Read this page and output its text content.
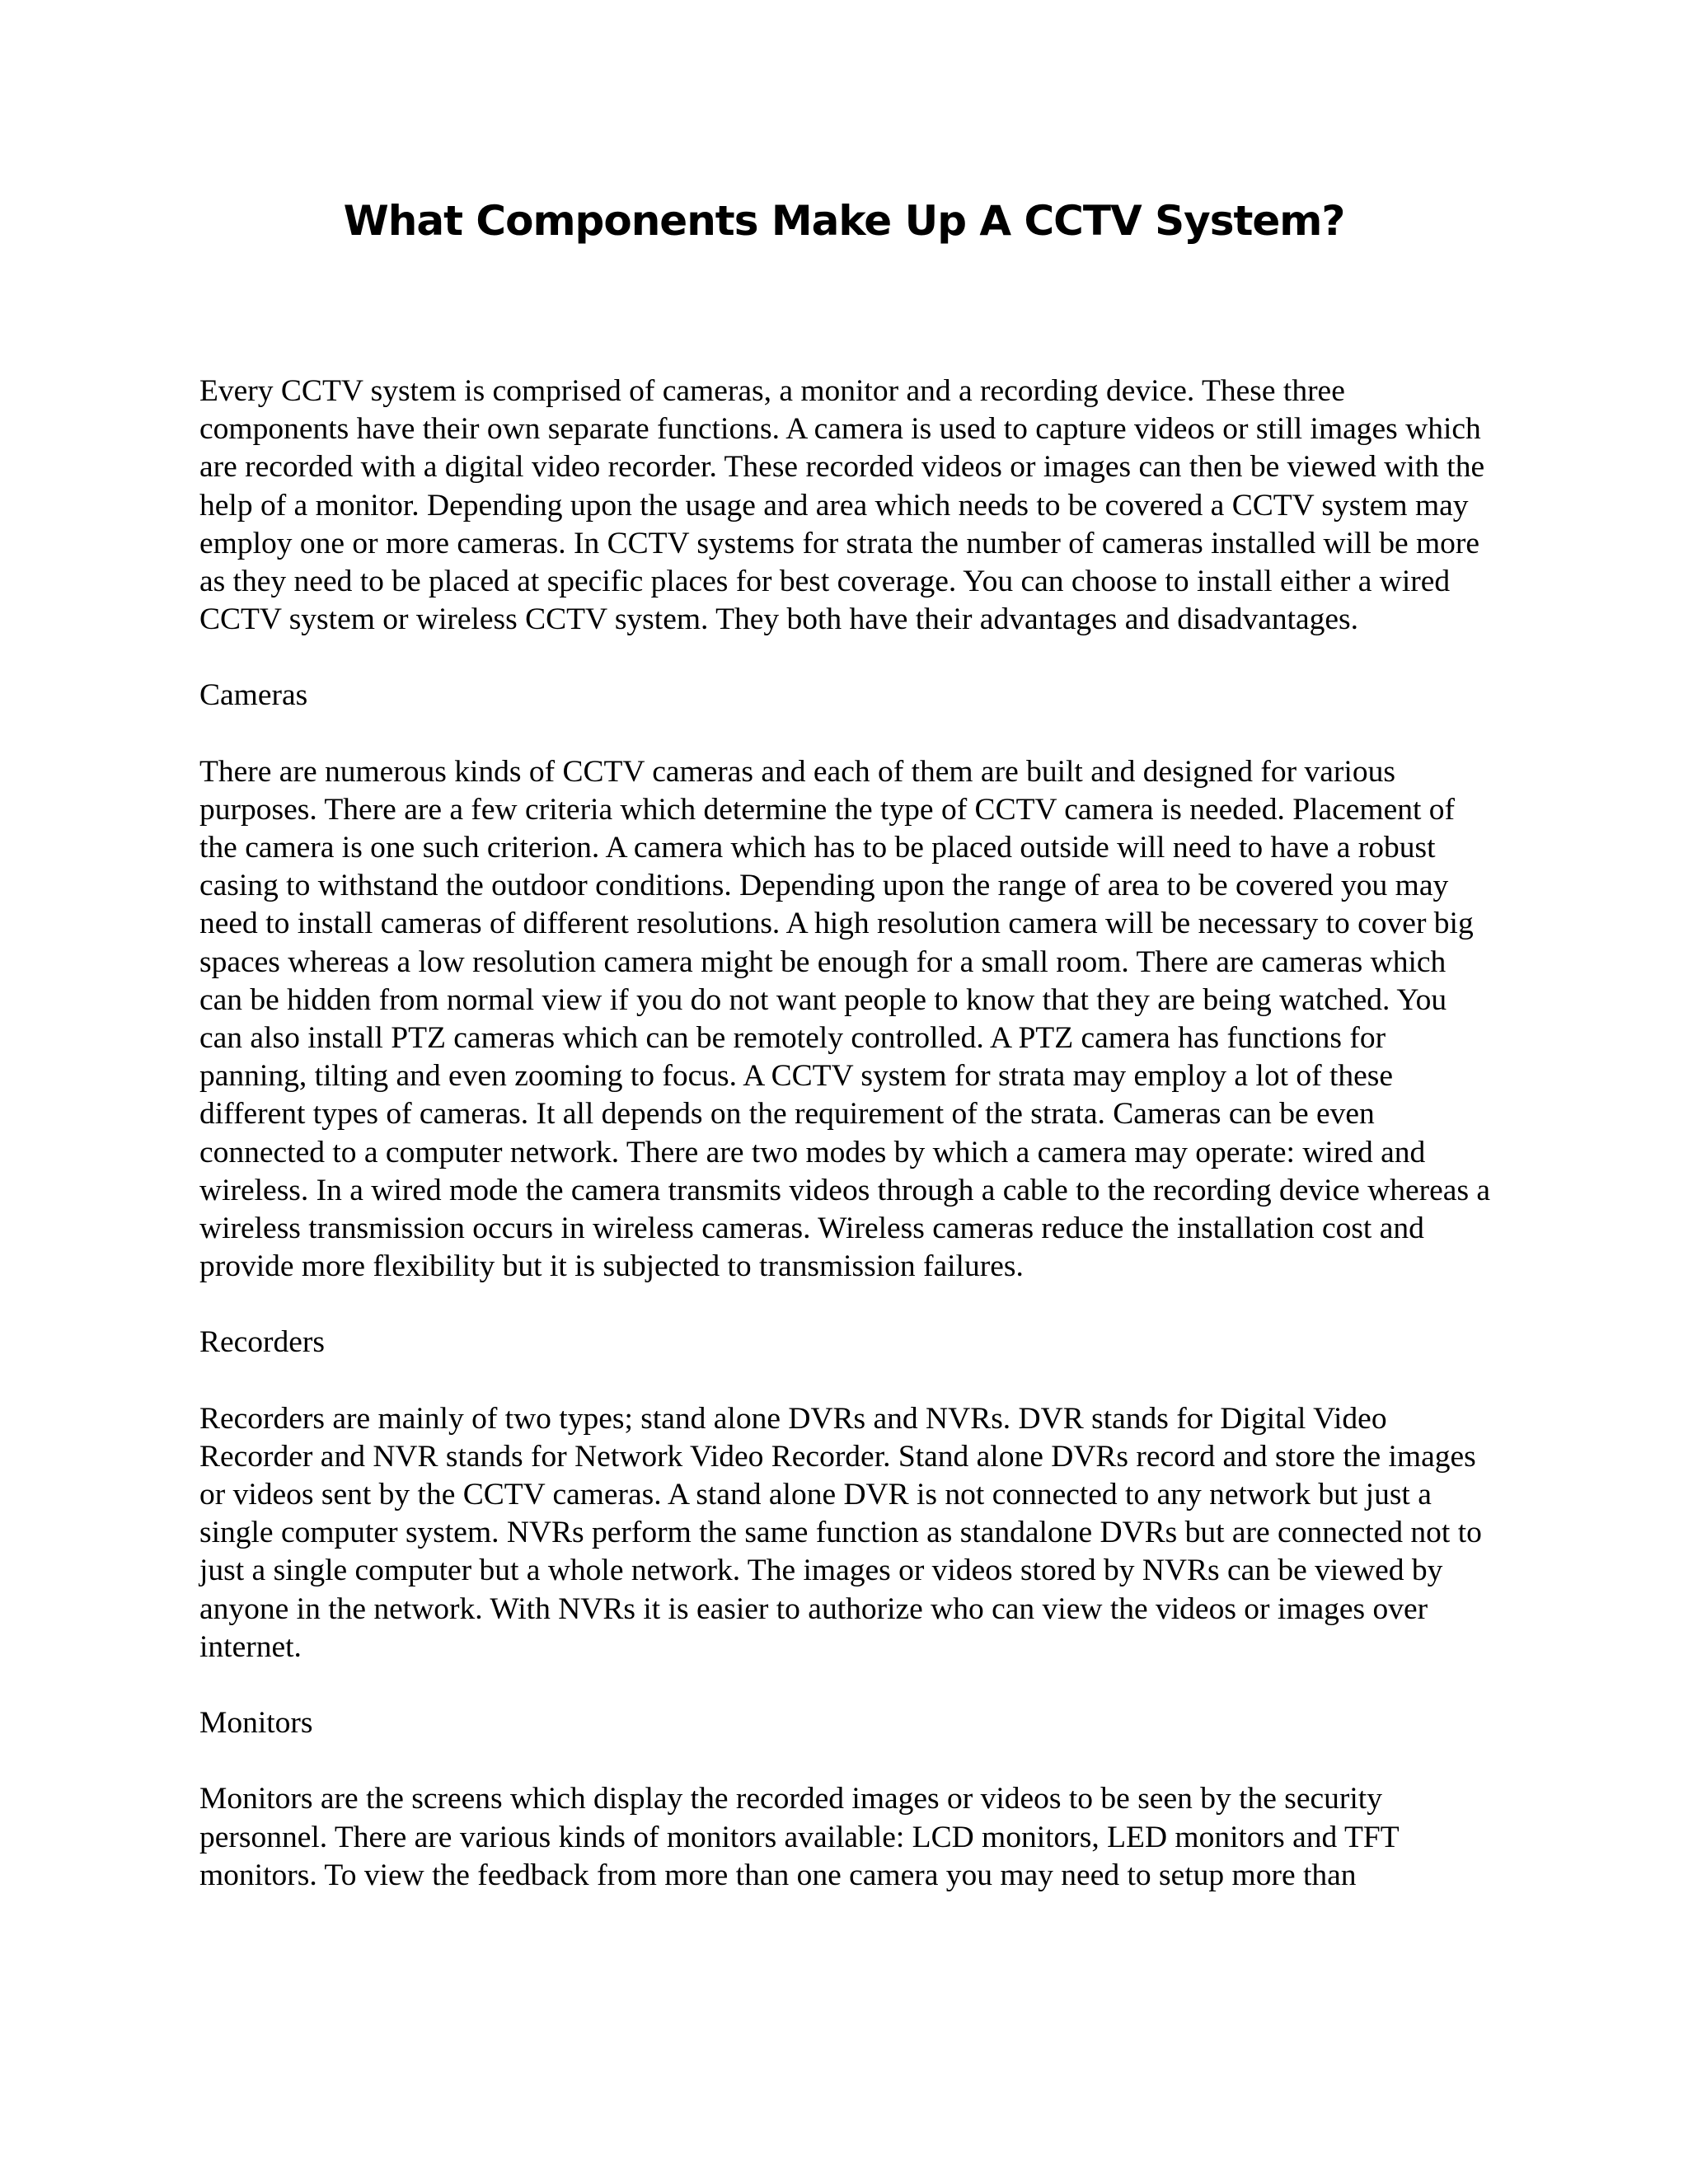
What Components Make Up A CCTV System?

Every CCTV system is comprised of cameras, a monitor and a recording device. These three components have their own separate functions. A camera is used to capture videos or still images which are recorded with a digital video recorder. These recorded videos or images can then be viewed with the help of a monitor. Depending upon the usage and area which needs to be covered a CCTV system may employ one or more cameras. In CCTV systems for strata the number of cameras installed will be more as they need to be placed at specific places for best coverage. You can choose to install either a wired CCTV system or wireless CCTV system. They both have their advantages and disadvantages.

Cameras

There are numerous kinds of CCTV cameras and each of them are built and designed for various purposes. There are a few criteria which determine the type of CCTV camera is needed. Placement of the camera is one such criterion. A camera which has to be placed outside will need to have a robust casing to withstand the outdoor conditions. Depending upon the range of area to be covered you may need to install cameras of different resolutions. A high resolution camera will be necessary to cover big spaces whereas a low resolution camera might be enough for a small room. There are cameras which can be hidden from normal view if you do not want people to know that they are being watched. You can also install PTZ cameras which can be remotely controlled. A PTZ camera has functions for panning, tilting and even zooming to focus. A CCTV system for strata may employ a lot of these different types of cameras. It all depends on the requirement of the strata. Cameras can be even connected to a computer network. There are two modes by which a camera may operate: wired and wireless. In a wired mode the camera transmits videos through a cable to the recording device whereas a wireless transmission occurs in wireless cameras. Wireless cameras reduce the installation cost and provide more flexibility but it is subjected to transmission failures.

Recorders

Recorders are mainly of two types; stand alone DVRs and NVRs. DVR stands for Digital Video Recorder and NVR stands for Network Video Recorder. Stand alone DVRs record and store the images or videos sent by the CCTV cameras. A stand alone DVR is not connected to any network but just a single computer system. NVRs perform the same function as standalone DVRs but are connected not to just a single computer but a whole network. The images or videos stored by NVRs can be viewed by anyone in the network. With NVRs it is easier to authorize who can view the videos or images over internet.

Monitors

Monitors are the screens which display the recorded images or videos to be seen by the security personnel. There are various kinds of monitors available: LCD monitors, LED monitors and TFT monitors. To view the feedback from more than one camera you may need to setup more than
